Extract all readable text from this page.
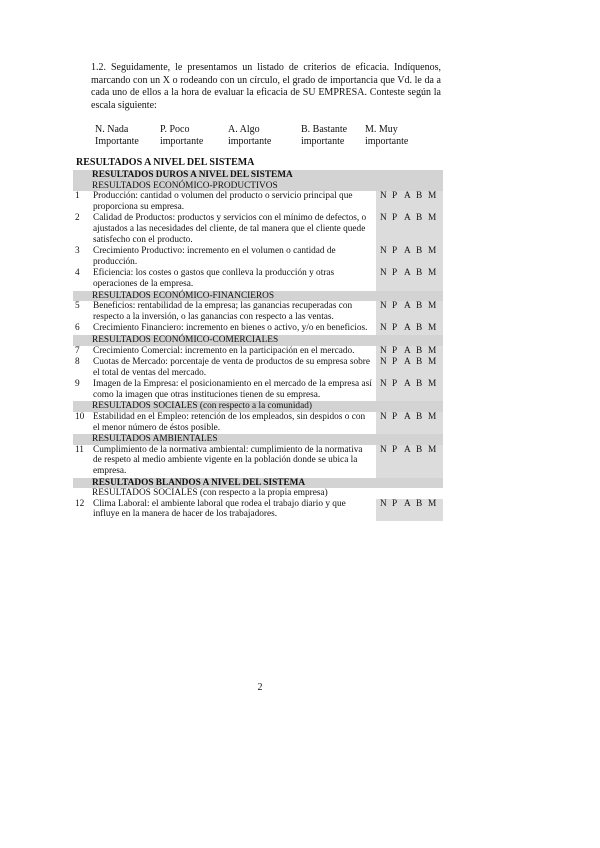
1.2. Seguidamente, le presentamos un listado de criterios de eficacia. Indíquenos, marcando con un X o rodeando con un círculo, el grado de importancia que Vd. le da a cada uno de ellos a la hora de evaluar la eficacia de SU EMPRESA. Conteste según la escala siguiente:

N. Nada
Importante
P. Poco
importante
A. Algo
importante
B. Bastante
importante
M. Muy
importante

RESULTADOS A NIVEL DEL SISTEMA

RESULTADOS DUROS A NIVEL DEL SISTEMA		
RESULTADOS ECONÓMICO-PRODUCTIVOS		
1	Producción: cantidad o volumen del producto o servicio principal que proporciona su empresa.	N P A B M
2	Calidad de Productos: productos y servicios con el mínimo de defectos, o ajustados a las necesidades del cliente, de tal manera que el cliente quede satisfecho con el producto.	N P A B M
3	Crecimiento Productivo: incremento en el volumen o cantidad de producción.	N P A B M
4	Eficiencia: los costes o gastos que conlleva la producción y otras operaciones de la empresa.	N P A B M
RESULTADOS ECONÓMICO-FINANCIEROS		
5	Beneficios: rentabilidad de la empresa; las ganancias recuperadas con respecto a la inversión, o las ganancias con respecto a las ventas.	N P A B M
6	Crecimiento Financiero: incremento en bienes o activo, y/o en beneficios.	N P A B M
RESULTADOS ECONÓMICO-COMERCIALES		
7	Crecimiento Comercial: incremento en la participación en el mercado.	N P A B M
8	Cuotas de Mercado: porcentaje de venta de productos de su empresa sobre el total de ventas del mercado.	N P A B M
9	Imagen de la Empresa: el posicionamiento en el mercado de la empresa así como la imagen que otras instituciones tienen de su empresa.	N P A B M
RESULTADOS SOCIALES (con respecto a la comunidad)		
10	Estabilidad en el Empleo: retención de los empleados, sin despidos o con el menor número de éstos posible.	N P A B M
RESULTADOS AMBIENTALES		
11	Cumplimiento de la normativa ambiental: cumplimiento de la normativa de respeto al medio ambiente vigente en la población donde se ubica la empresa.	N P A B M
RESULTADOS BLANDOS A NIVEL DEL SISTEMA		
RESULTADOS SOCIALES (con respecto a la propia empresa)		
12	Clima Laboral: el ambiente laboral que rodea el trabajo diario y que influye en la manera de hacer de los trabajadores.	N P A B M
2
